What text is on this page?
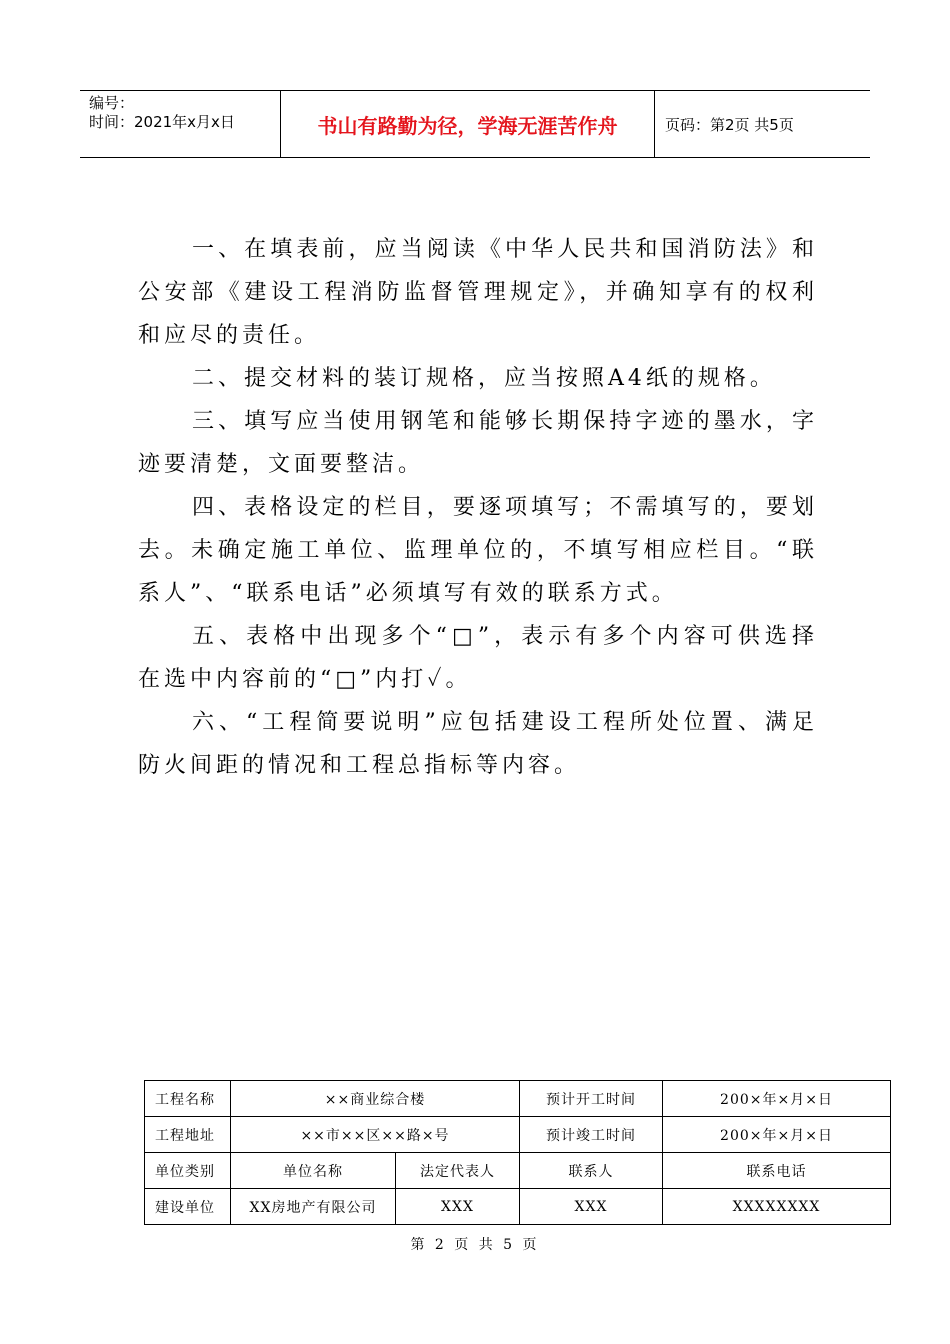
编号：
时间：2021年x月x日	书山有路勤为径，学海无涯苦作舟	页码：第2页 共5页

一、在填表前，应当阅读《中华人民共和国消防法》和公安部《建设工程消防监督管理规定》，并确知享有的权利和应尽的责任。

二、提交材料的装订规格，应当按照A4纸的规格。

三、填写应当使用钢笔和能够长期保持字迹的墨水，字迹要清楚，文面要整洁。

四、表格设定的栏目，要逐项填写；不需填写的，要划去。未确定施工单位、监理单位的，不填写相应栏目。“联系人”、“联系电话”必须填写有效的联系方式。

五、表格中出现多个“□”，表示有多个内容可供选择在选中内容前的“□”内打✓。

六、“工程简要说明”应包括建设工程所处位置、满足防火间距的情况和工程总指标等内容。

工程名称	××商业综合楼		预计开工时间	200×年×月×日
工程地址	××市××区××路×号		预计竣工时间	200×年×月×日
单位类别	单位名称	法定代表人	联系人	联系电话
建设单位	XX房地产有限公司	XXX	XXX	XXXXXXXX
第 2 页 共 5 页
